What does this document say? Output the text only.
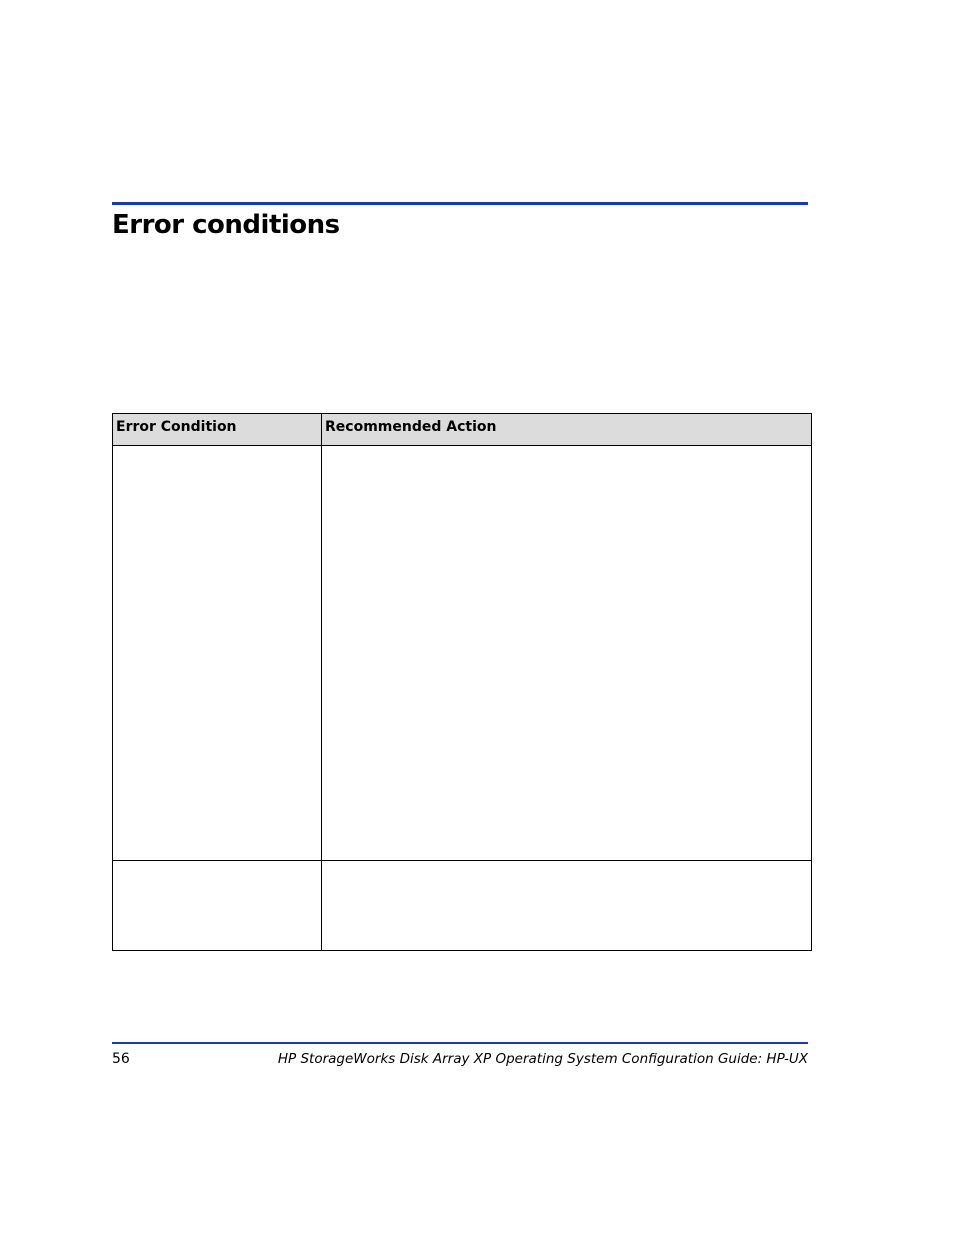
Error conditions
Error Condition	Recommended Action

56	HP StorageWorks Disk Array XP Operating System Configuration Guide: HP-UX
